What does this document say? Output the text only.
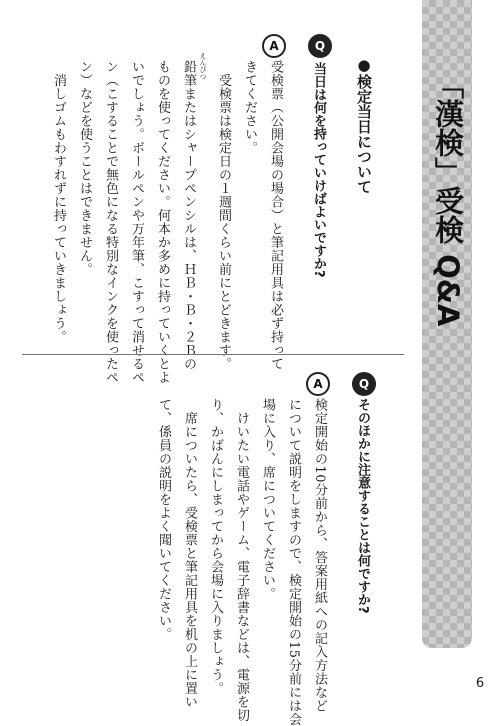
「漢検」受検 Q&A
●検定当日について
Q
当日は何を持っていけばよいですか?
A
受検票（公開会場の場合）と筆記用具は必ず持って
きてください。
　受検票は検定日の１週間くらい前にとどきます。
えんぴつ
鉛筆またはシャープペンシルは、ＨＢ・Ｂ・２Ｂの
ものを使ってください。何本か多めに持っていくとよ
いでしょう。ボールペンや万年筆、こすって消せるペ
ン（こすることで無色になる特別なインクを使ったペ
ン）などを使うことはできません。
　消しゴムもわすれずに持っていきましょう。
Q
そのほかに注意することは何ですか?
A
検定開始の10分前から、答案用紙への記入方法など
について説明をしますので、検定開始の15分前には会
場に入り、席についてください。
　けいたい電話やゲーム、電子辞書などは、電源を切
り、かばんにしまってから会場に入りましょう。
　席についたら、受検票と筆記用具を机の上に置い
て、係員の説明をよく聞いてください。
6
